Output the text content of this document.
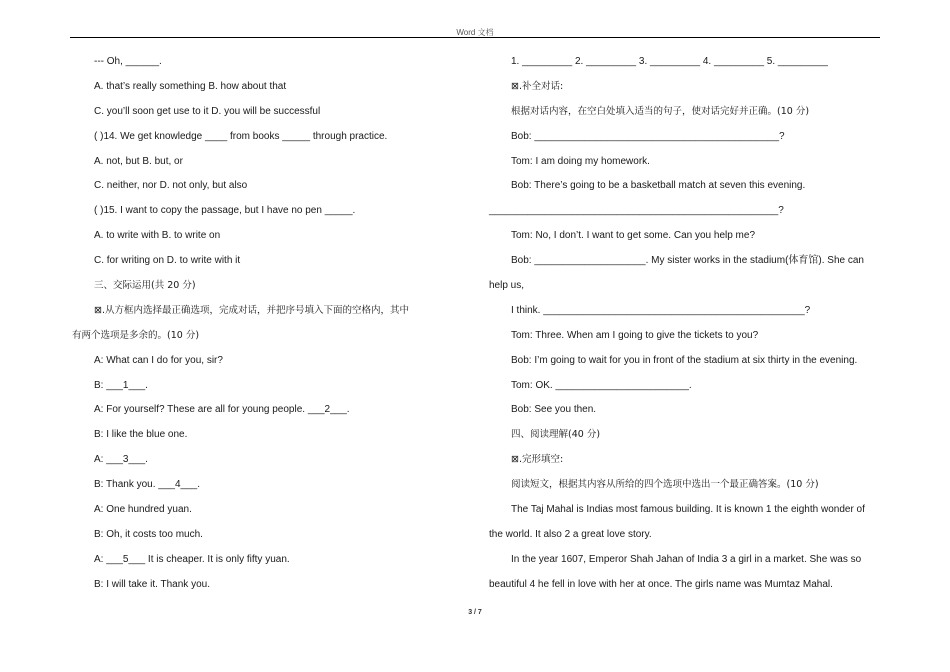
Word 文档
--- Oh, ______.
A. that’s really something B. how about that
C. you’ll soon get use to it D. you will be successful
( )14. We get knowledge ____ from books _____ through practice.
A. not, but B. but, or
C. neither, nor D. not only, but also
( )15. I want to copy the passage, but I have no pen _____.
A. to write with B. to write on
C. for writing on D. to write with it
三、交际运用(共 20 分)
⊠.从方框内选择最正确选项，完成对话，并把序号填入下面的空格内，其中
有两个选项是多余的。(10 分)
A: What can I do for you, sir?
B: ___1___.
A: For yourself? These are all for young people. ___2___.
B: I like the blue one.
A: ___3___.
B: Thank you. ___4___.
A: One hundred yuan.
B: Oh, it costs too much.
A: ___5___ It is cheaper. It is only fifty yuan.
B: I will take it. Thank you.
1. _________ 2. _________ 3. _________ 4. _________ 5. _________
⊠.补全对话:
根据对话内容，在空白处填入适当的句子，使对话完好并正确。(10 分)
Bob: ____________________________________________?
Tom: I am doing my homework.
Bob: There’s going to be a basketball match at seven this evening.
____________________________________________________?
Tom: No, I don’t. I want to get some. Can you help me?
Bob: ____________________. My sister works in the stadium(体育馆). She can
help us,
I think. _______________________________________________?
Tom: Three. When am I going to give the tickets to you?
Bob: I’m going to wait for you in front of the stadium at six thirty in the evening.
Tom: OK. ________________________.
Bob: See you then.
四、阅读理解(40 分)
⊠.完形填空:
阅读短文，根据其内容从所给的四个选项中选出一个最正确答案。(10 分)
The Taj Mahal is Indias most famous building. It is known 1 the eighth wonder of
the world. It also 2 a great love story.
In the year 1607, Emperor Shah Jahan of India 3 a girl in a market. She was so
beautiful 4 he fell in love with her at once. The girls name was Mumtaz Mahal.
3 / 7
